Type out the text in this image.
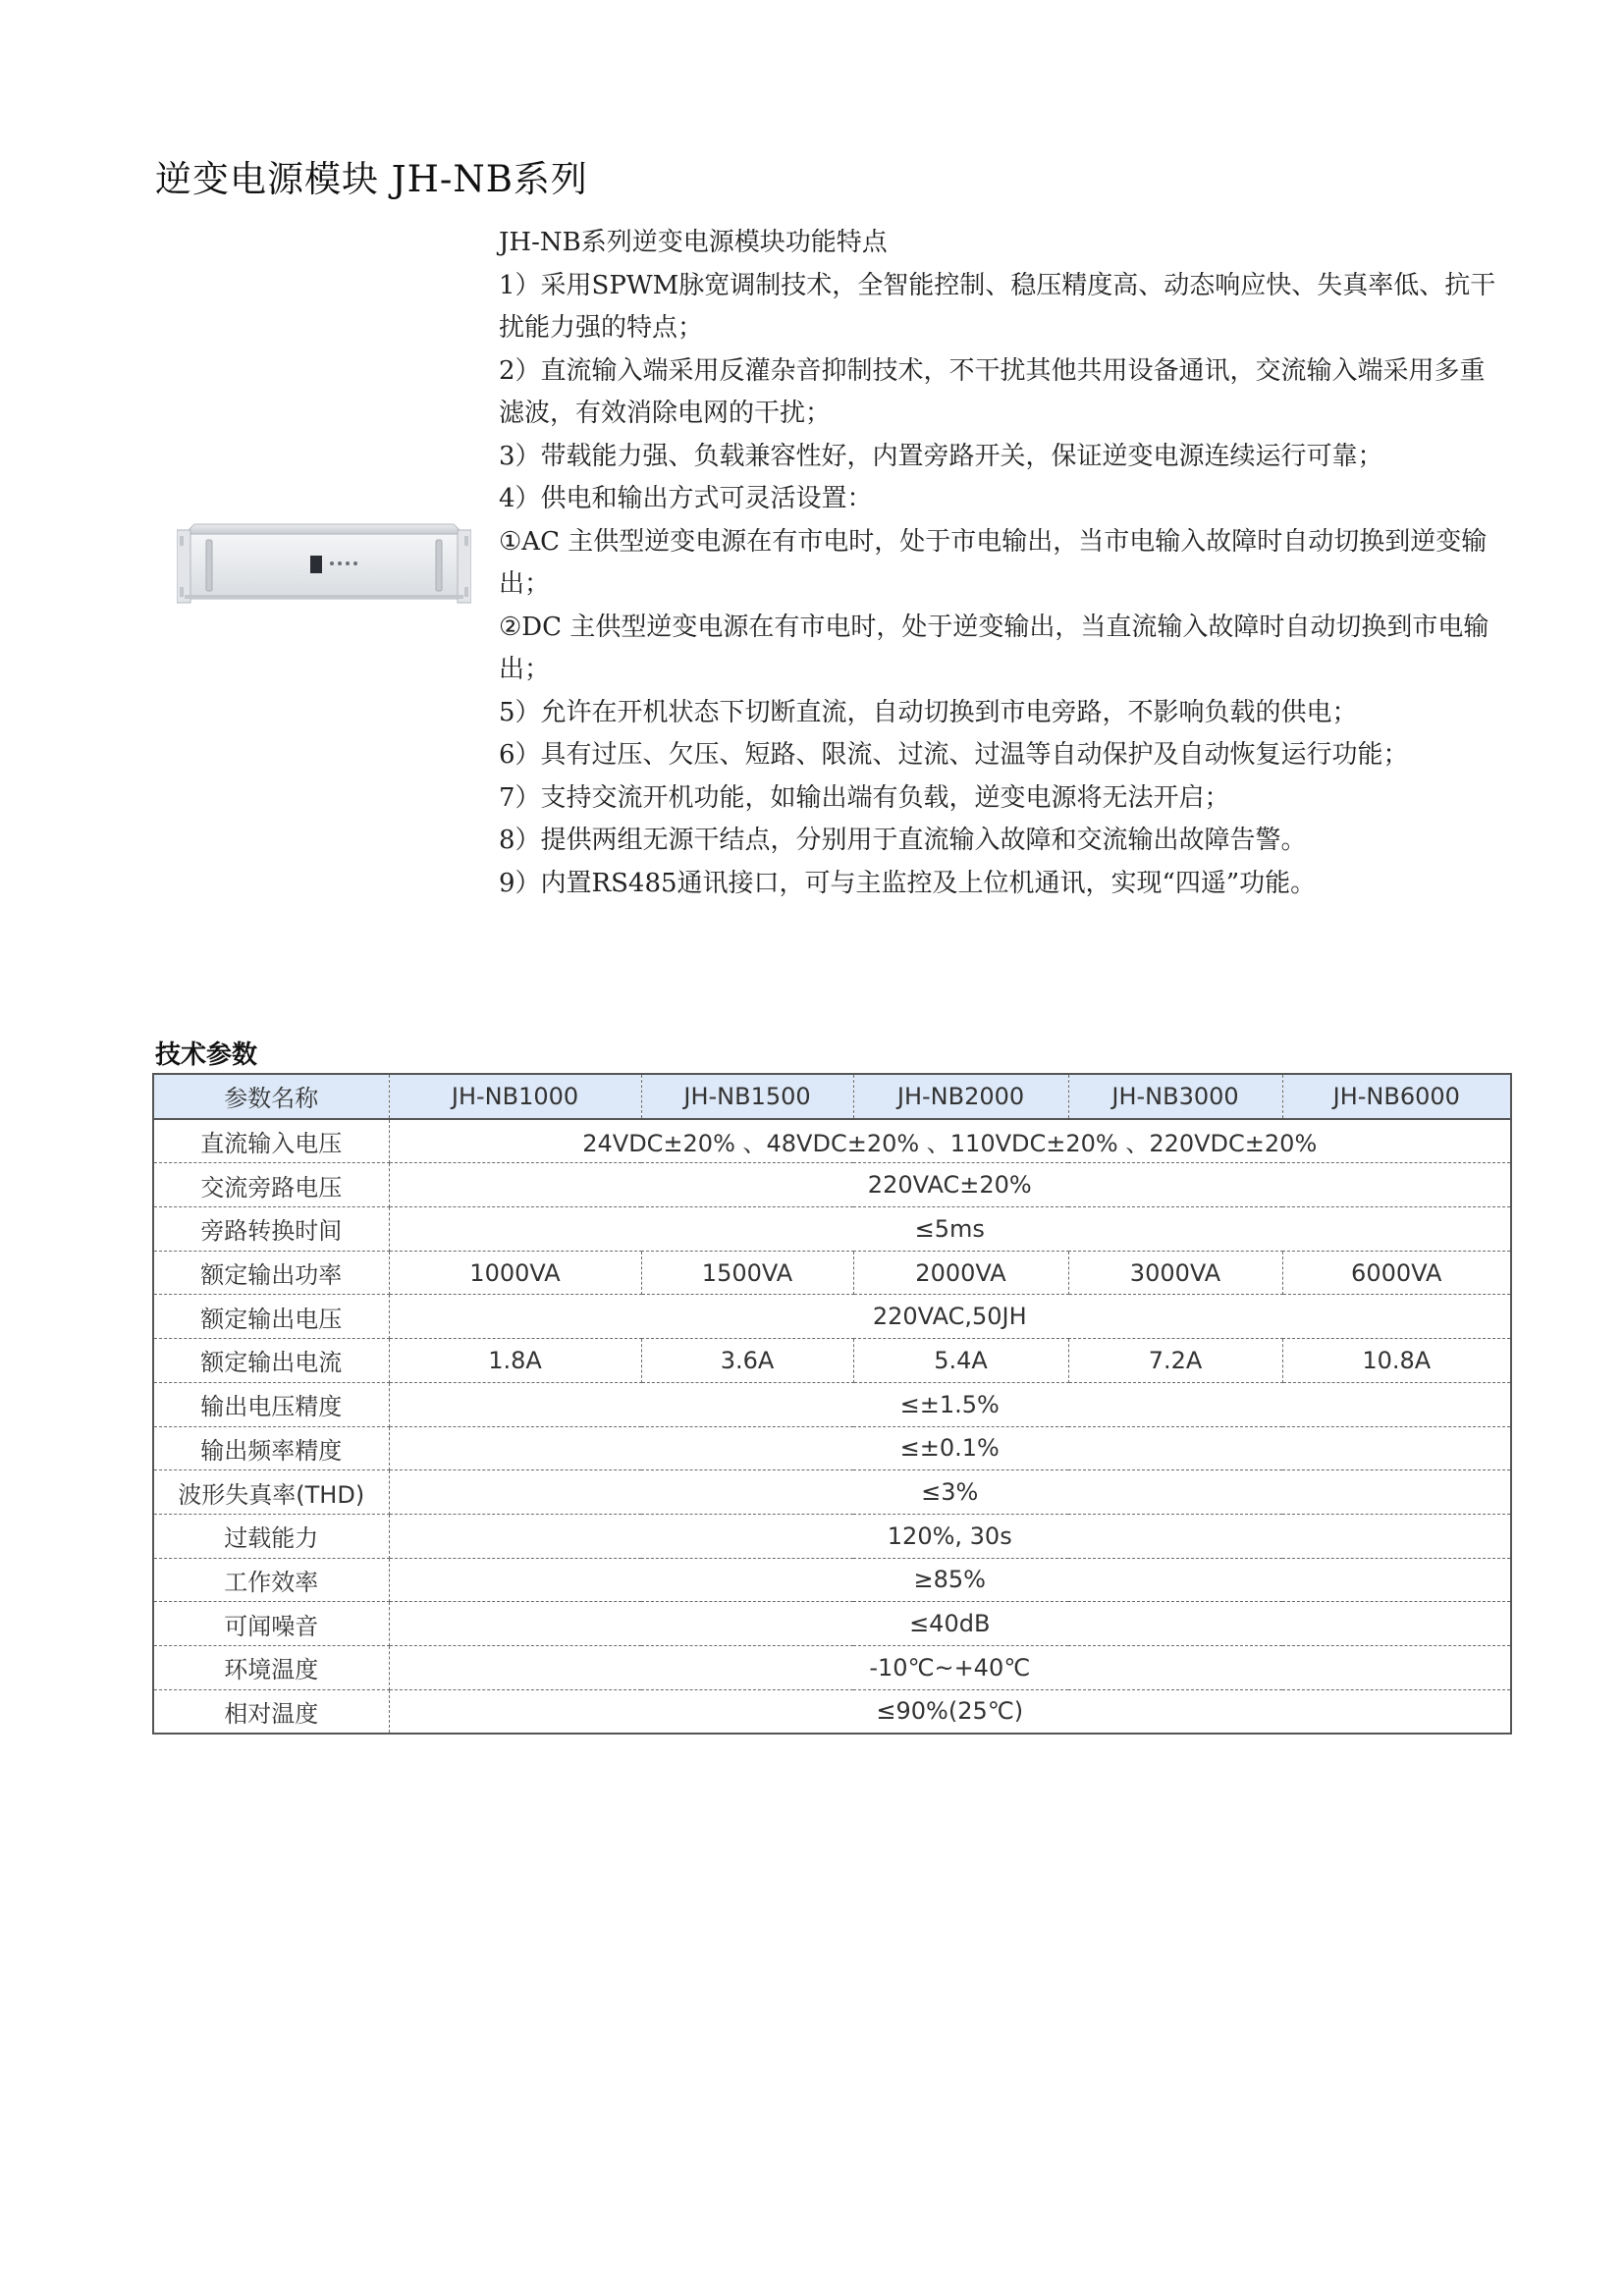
逆变电源模块 JH-NB系列

JH-NB系列逆变电源模块功能特点

1）采用SPWM脉宽调制技术，全智能控制、稳压精度高、动态响应快、失真率低、抗干扰能力强的特点；

2）直流输入端采用反灌杂音抑制技术，不干扰其他共用设备通讯，交流输入端采用多重滤波，有效消除电网的干扰；

3）带载能力强、负载兼容性好，内置旁路开关，保证逆变电源连续运行可靠；

4）供电和输出方式可灵活设置：

①AC 主供型逆变电源在有市电时，处于市电输出，当市电输入故障时自动切换到逆变输出；

②DC 主供型逆变电源在有市电时，处于逆变输出，当直流输入故障时自动切换到市电输出；

5）允许在开机状态下切断直流，自动切换到市电旁路，不影响负载的供电；

6）具有过压、欠压、短路、限流、过流、过温等自动保护及自动恢复运行功能；

7）支持交流开机功能，如输出端有负载，逆变电源将无法开启；

8）提供两组无源干结点，分别用于直流输入故障和交流输出故障告警。

9）内置RS485通讯接口，可与主监控及上位机通讯，实现“四遥”功能。

技术参数
参数名称	JH-NB1000	JH-NB1500	JH-NB2000	JH-NB3000	JH-NB6000
直流输入电压	24VDC±20% 、48VDC±20% 、110VDC±20% 、220VDC±20%				
交流旁路电压	220VAC±20%				
旁路转换时间	≤5ms				
额定输出功率	1000VA	1500VA	2000VA	3000VA	6000VA
额定输出电压	220VAC,50JH				
额定输出电流	1.8A	3.6A	5.4A	7.2A	10.8A
输出电压精度	≤±1.5%				
输出频率精度	≤±0.1%				
波形失真率(THD)	≤3%				
过载能力	120%, 30s				
工作效率	≥85%				
可闻噪音	≤40dB				
环境温度	-10℃~+40℃				
相对温度	≤90%(25℃)				
